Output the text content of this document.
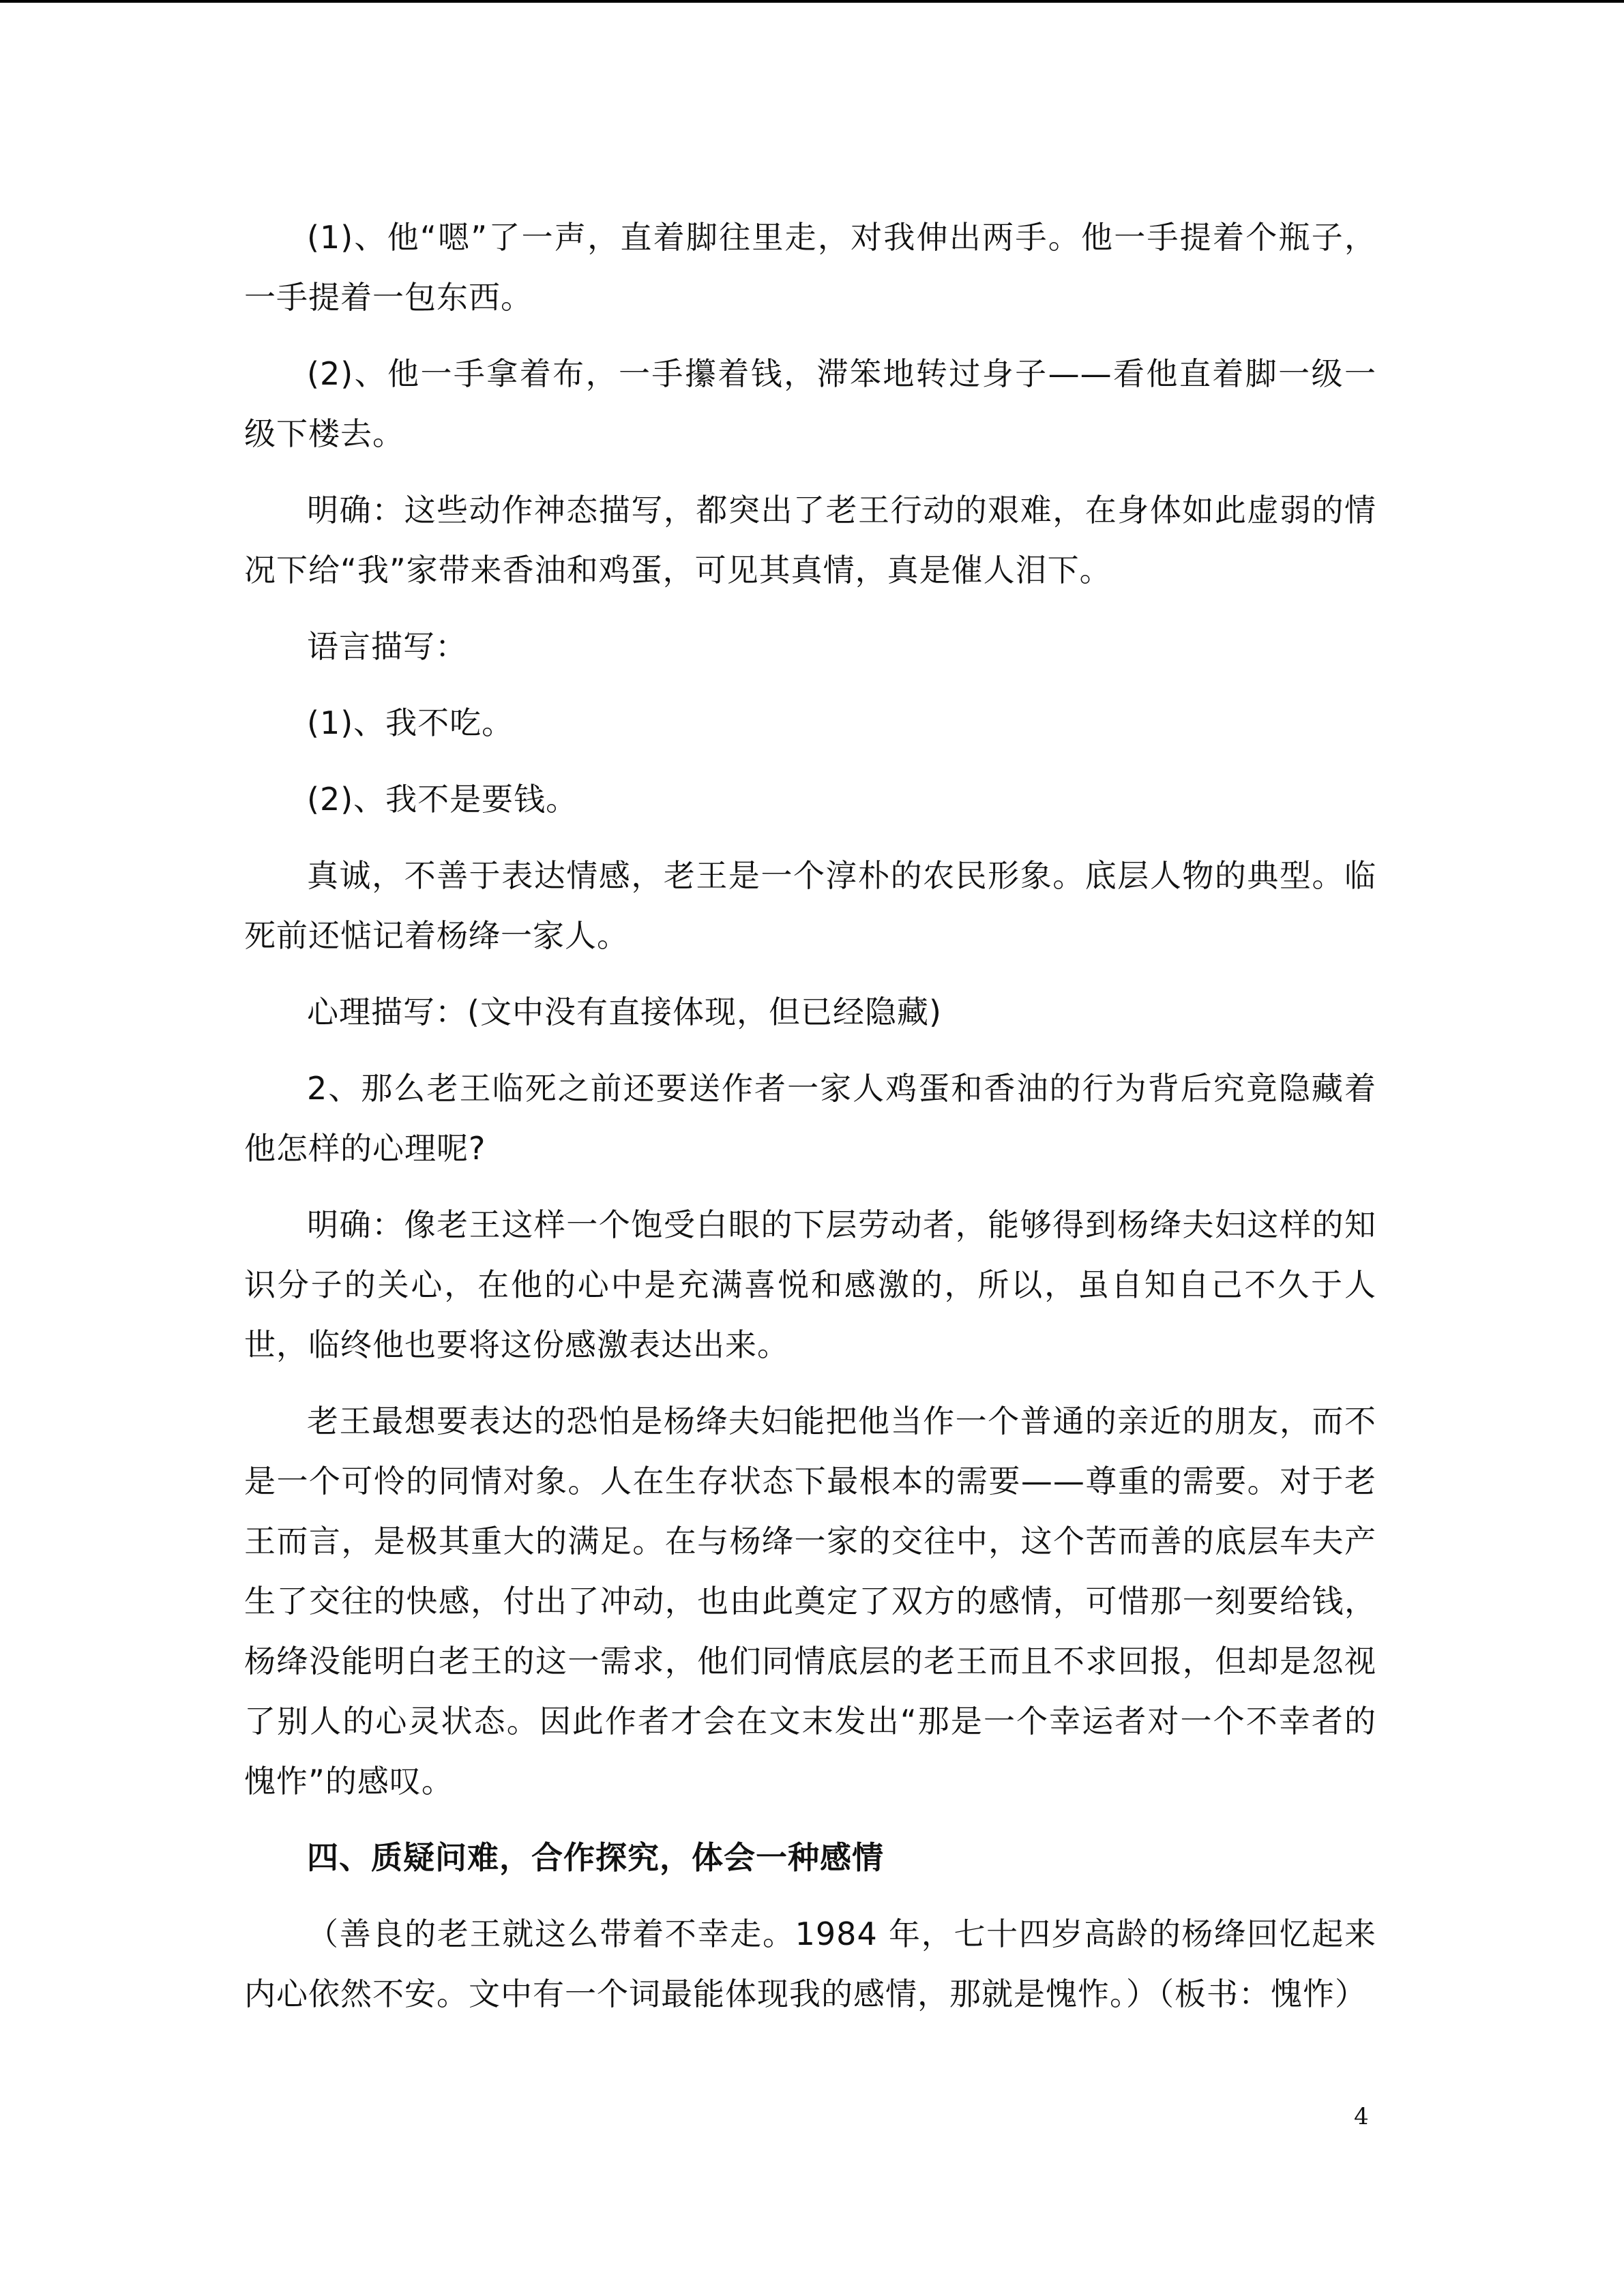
(1)、他“嗯”了一声，直着脚往里走，对我伸出两手。他一手提着个瓶子，一手提着一包东西。

(2)、他一手拿着布，一手攥着钱，滞笨地转过身子——看他直着脚一级一级下楼去。

明确：这些动作神态描写，都突出了老王行动的艰难，在身体如此虚弱的情况下给“我”家带来香油和鸡蛋，可见其真情，真是催人泪下。

语言描写：

(1)、我不吃。

(2)、我不是要钱。

真诚，不善于表达情感，老王是一个淳朴的农民形象。底层人物的典型。临死前还惦记着杨绛一家人。

心理描写：(文中没有直接体现，但已经隐藏)

2、那么老王临死之前还要送作者一家人鸡蛋和香油的行为背后究竟隐藏着他怎样的心理呢?

明确：像老王这样一个饱受白眼的下层劳动者，能够得到杨绛夫妇这样的知识分子的关心，在他的心中是充满喜悦和感激的，所以，虽自知自己不久于人世，临终他也要将这份感激表达出来。

老王最想要表达的恐怕是杨绛夫妇能把他当作一个普通的亲近的朋友，而不是一个可怜的同情对象。人在生存状态下最根本的需要——尊重的需要。对于老王而言，是极其重大的满足。在与杨绛一家的交往中，这个苦而善的底层车夫产生了交往的快感，付出了冲动，也由此奠定了双方的感情，可惜那一刻要给钱，杨绛没能明白老王的这一需求，他们同情底层的老王而且不求回报，但却是忽视了别人的心灵状态。因此作者才会在文末发出“那是一个幸运者对一个不幸者的愧怍”的感叹。

四、质疑问难，合作探究，体会一种感情

（善良的老王就这么带着不幸走。1984 年，七十四岁高龄的杨绛回忆起来内心依然不安。文中有一个词最能体现我的感情，那就是愧怍。）（板书：愧怍）

4
